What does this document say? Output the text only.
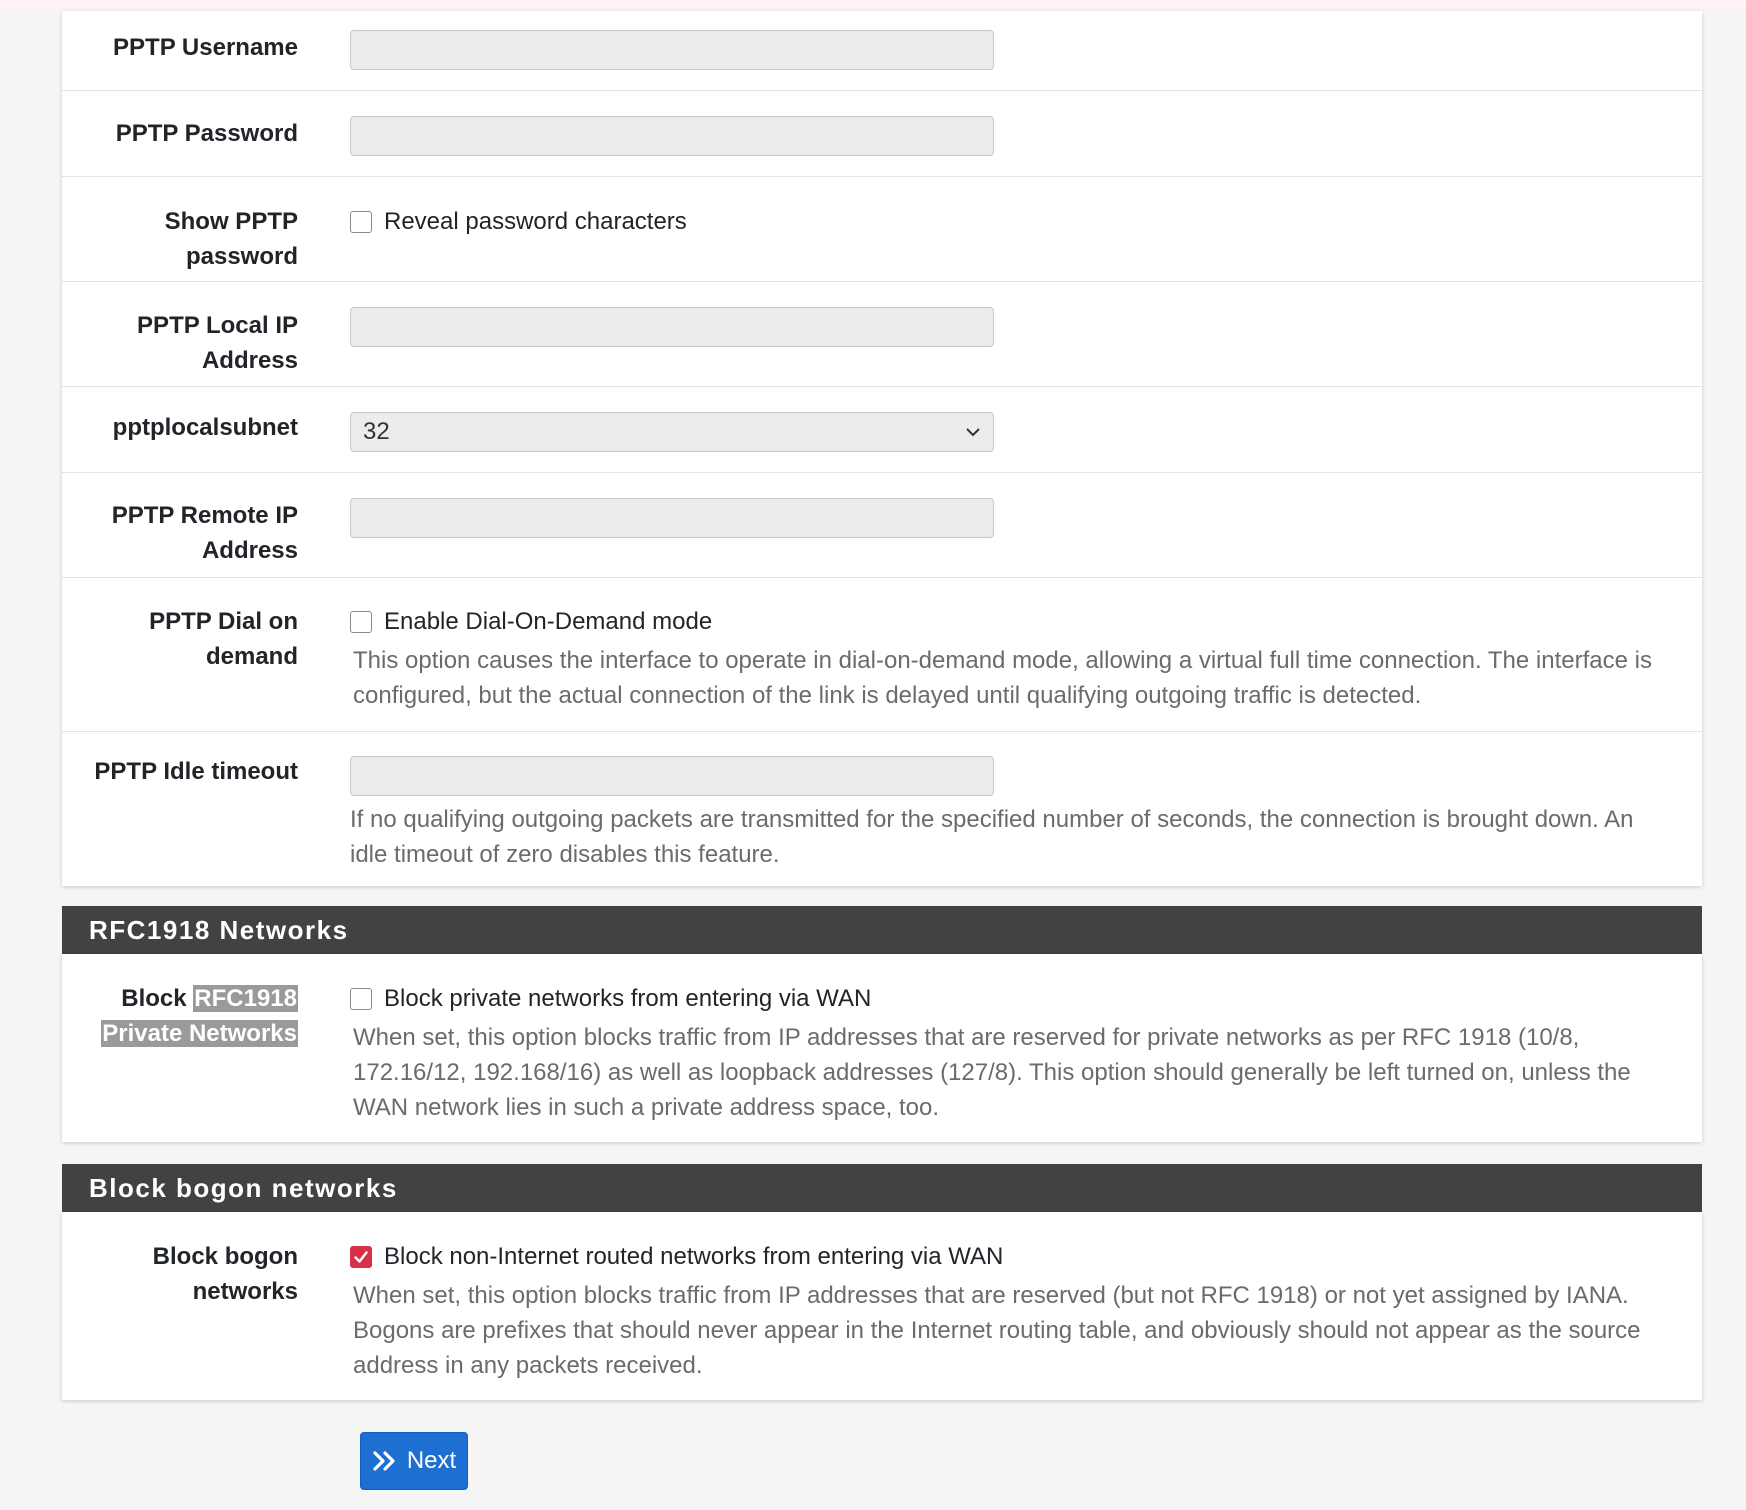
PPTP Username
PPTP Password
Show PPTP
password
Reveal password characters
PPTP Local IP
Address
pptplocalsubnet	32
PPTP Remote IP
Address
PPTP Dial on
demand
Enable Dial-On-Demand mode
This option causes the interface to operate in dial-on-demand mode, allowing a virtual full time connection. The interface is
configured, but the actual connection of the link is delayed until qualifying outgoing traffic is detected.
PPTP Idle timeout
If no qualifying outgoing packets are transmitted for the specified number of seconds, the connection is brought down. An
idle timeout of zero disables this feature.
RFC1918 Networks
Block RFC1918
Private Networks
Block private networks from entering via WAN
When set, this option blocks traffic from IP addresses that are reserved for private networks as per RFC 1918 (10/8,
172.16/12, 192.168/16) as well as loopback addresses (127/8). This option should generally be left turned on, unless the
WAN network lies in such a private address space, too.
Block bogon networks
Block bogon
networks
Block non-Internet routed networks from entering via WAN
When set, this option blocks traffic from IP addresses that are reserved (but not RFC 1918) or not yet assigned by IANA.
Bogons are prefixes that should never appear in the Internet routing table, and obviously should not appear as the source
address in any packets received.
Next
